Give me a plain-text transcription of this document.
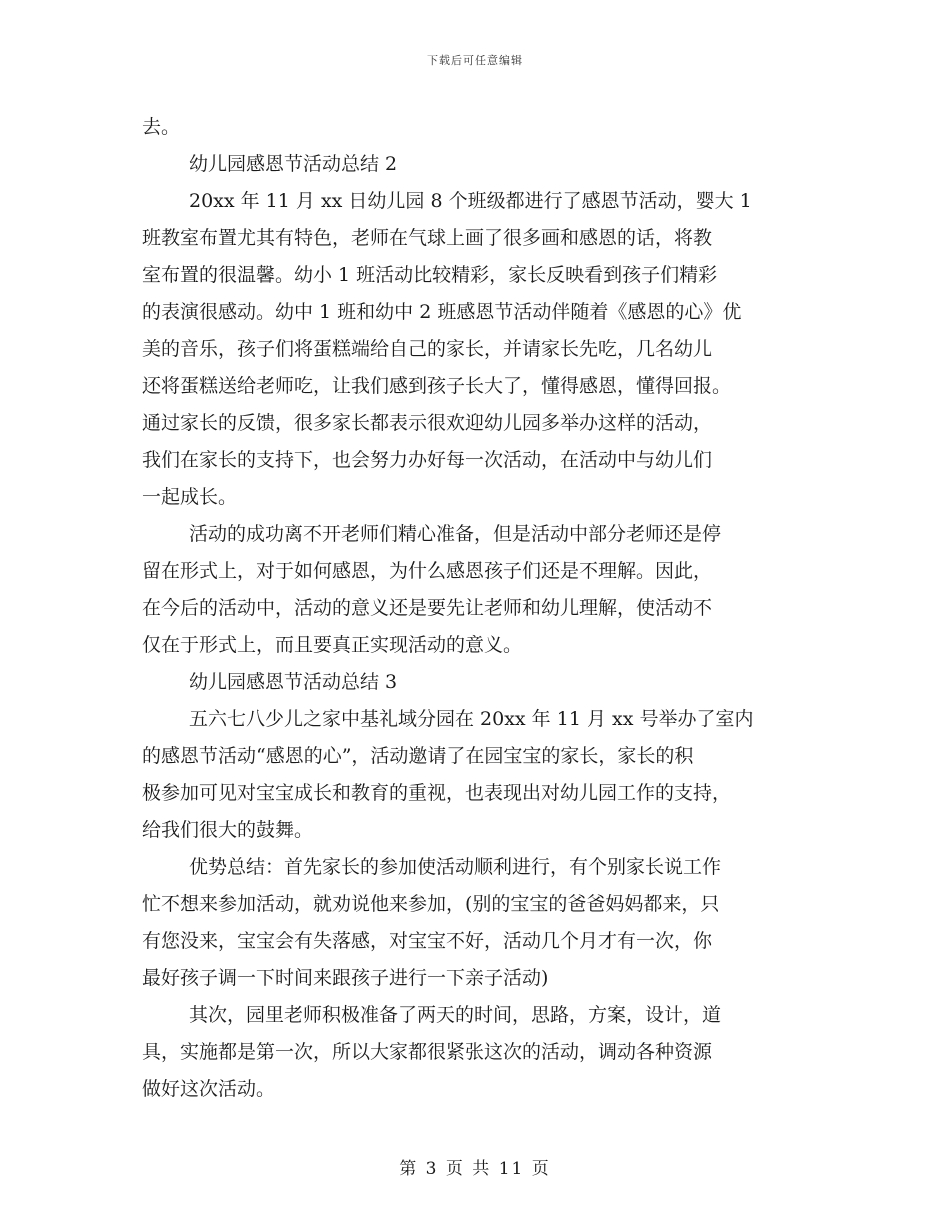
下载后可任意编辑
去。
幼儿园感恩节活动总结 2
20xx 年 11 月 xx 日幼儿园 8 个班级都进行了感恩节活动，婴大 1
班教室布置尤其有特色，老师在气球上画了很多画和感恩的话，将教
室布置的很温馨。幼小 1 班活动比较精彩，家长反映看到孩子们精彩
的表演很感动。幼中 1 班和幼中 2 班感恩节活动伴随着《感恩的心》优
美的音乐，孩子们将蛋糕端给自己的家长，并请家长先吃，几名幼儿
还将蛋糕送给老师吃，让我们感到孩子长大了，懂得感恩，懂得回报。
通过家长的反馈，很多家长都表示很欢迎幼儿园多举办这样的活动，
我们在家长的支持下，也会努力办好每一次活动，在活动中与幼儿们
一起成长。
活动的成功离不开老师们精心准备，但是活动中部分老师还是停
留在形式上，对于如何感恩，为什么感恩孩子们还是不理解。因此，
在今后的活动中，活动的意义还是要先让老师和幼儿理解，使活动不
仅在于形式上，而且要真正实现活动的意义。
幼儿园感恩节活动总结 3
五六七八少儿之家中基礼域分园在 20xx 年 11 月 xx 号举办了室内
的感恩节活动“感恩的心”，活动邀请了在园宝宝的家长，家长的积
极参加可见对宝宝成长和教育的重视，也表现出对幼儿园工作的支持，
给我们很大的鼓舞。
优势总结：首先家长的参加使活动顺利进行，有个别家长说工作
忙不想来参加活动，就劝说他来参加，(别的宝宝的爸爸妈妈都来，只
有您没来，宝宝会有失落感，对宝宝不好，活动几个月才有一次，你
最好孩子调一下时间来跟孩子进行一下亲子活动)
其次，园里老师积极准备了两天的时间，思路，方案，设计，道
具，实施都是第一次，所以大家都很紧张这次的活动，调动各种资源
做好这次活动。
第 3 页 共 11 页
